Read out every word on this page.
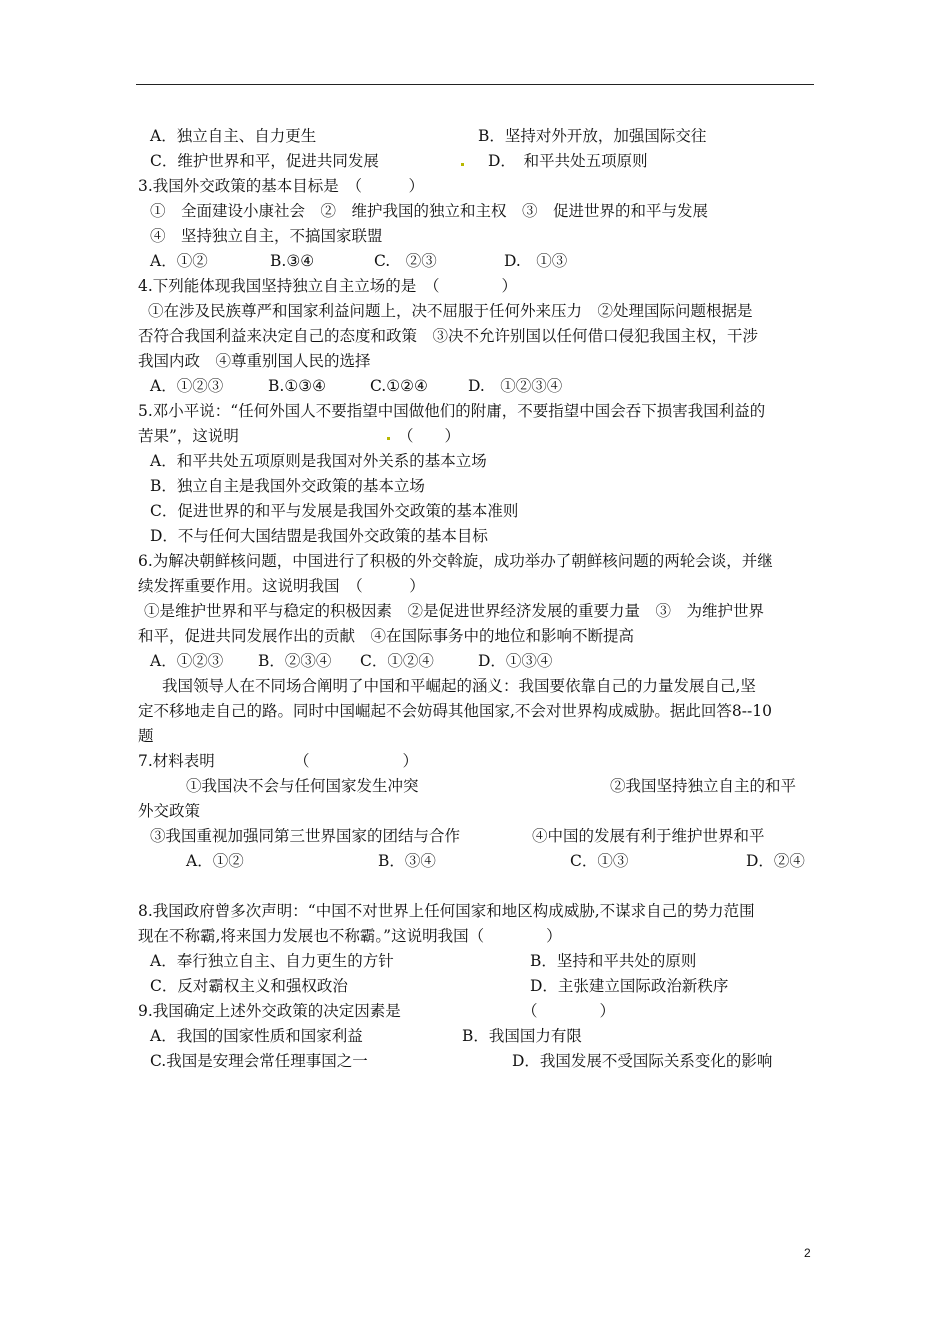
A．独立自主、自力更生	B．坚持对外开放，加强国际交往
C．维护世界和平，促进共同发展	D．　和平共处五项原则
3.我国外交政策的基本目标是　（　　　）
①　全面建设小康社会　②　维护我国的独立和主权　③　促进世界的和平与发展
④　坚持独立自主，不搞国家联盟
A．①②	B.③④	C.　②③	D.　①③
4.下列能体现我国坚持独立自主立场的是　（　　　　）
①在涉及民族尊严和国家利益问题上，决不屈服于任何外来压力　②处理国际问题根据是
否符合我国利益来决定自己的态度和政策　③决不允许别国以任何借口侵犯我国主权，干涉
我国内政　④尊重别国人民的选择
A．①②③	B.①③④	C.①②④	D.　①②③④
5.邓小平说：“任何外国人不要指望中国做他们的附庸，不要指望中国会吞下损害我国利益的
苦果”，这说明	（　　）
A．和平共处五项原则是我国对外关系的基本立场
B．独立自主是我国外交政策的基本立场
C．促进世界的和平与发展是我国外交政策的基本准则
D．不与任何大国结盟是我国外交政策的基本目标
6.为解决朝鲜核问题，中国进行了积极的外交斡旋，成功举办了朝鲜核问题的两轮会谈，并继
续发挥重要作用。这说明我国　（　　　）
①是维护世界和平与稳定的积极因素　②是促进世界经济发展的重要力量　③　为维护世界
和平，促进共同发展作出的贡献　④在国际事务中的地位和影响不断提高
A．①②③ B．②③④ C．①②④	D．①③④
我国领导人在不同场合阐明了中国和平崛起的涵义：我国要依靠自己的力量发展自己,坚
定不移地走自己的路。同时中国崛起不会妨碍其他国家,不会对世界构成威胁。据此回答8--10
题
7.材料表明	（　　　　　　）
①我国决不会与任何国家发生冲突	②我国坚持独立自主的和平
外交政策
③我国重视加强同第三世界国家的团结与合作	④中国的发展有利于维护世界和平
A．①②	B．③④	C．①③	D．②④
8.我国政府曾多次声明：“中国不对世界上任何国家和地区构成威胁,不谋求自己的势力范围
现在不称霸,将来国力发展也不称霸。”这说明我国（　　　　）
A．奉行独立自主、自力更生的方针	B．坚持和平共处的原则
C．反对霸权主义和强权政治	D．主张建立国际政治新秩序
9.我国确定上述外交政策的决定因素是	（　　　　）
A．我国的国家性质和国家利益	B．我国国力有限
C.我国是安理会常任理事国之一	D．我国发展不受国际关系变化的影响
2
